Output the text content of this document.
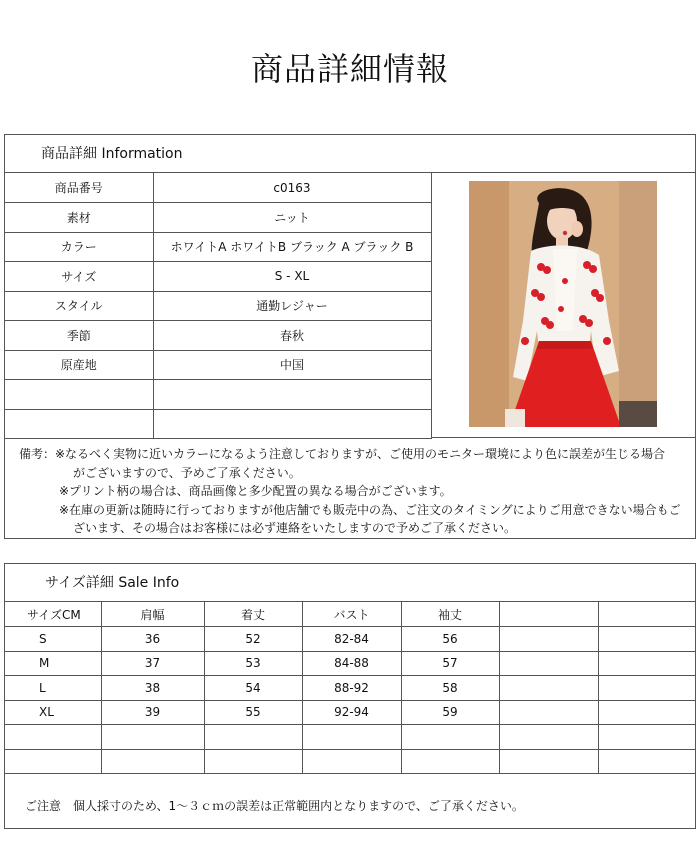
商品詳細情報
商品詳細 Information
商品番号	c0163
素材	ニット
カラー	ホワイトA ホワイトB ブラック A ブラック B
サイズ	S - XL
スタイル	通勤レジャー
季節	春秋
原産地	中国

備考：※なるべく実物に近いカラーになるよう注意しておりますが、ご使用のモニター環境により色に誤差が生じる場合
がございますので、予めご了承ください。
※プリント柄の場合は、商品画像と多少配置の異なる場合がございます。
※在庫の更新は随時に行っておりますが他店舗でも販売中の為、ご注文のタイミングによりご用意できない場合もご
ざいます、その場合はお客様には必ず連絡をいたしますので予めご了承ください。
サイズ詳細 Sale Info
サイズCM	肩幅	着丈	バスト	袖丈		
S	36	52	82-84	56		
M	37	53	84-88	57		
L	38	54	88-92	58		
XL	39	55	92-94	59		

ご注意　個人採寸のため、1～３ｃｍの誤差は正常範囲内となりますので、ご了承ください。
